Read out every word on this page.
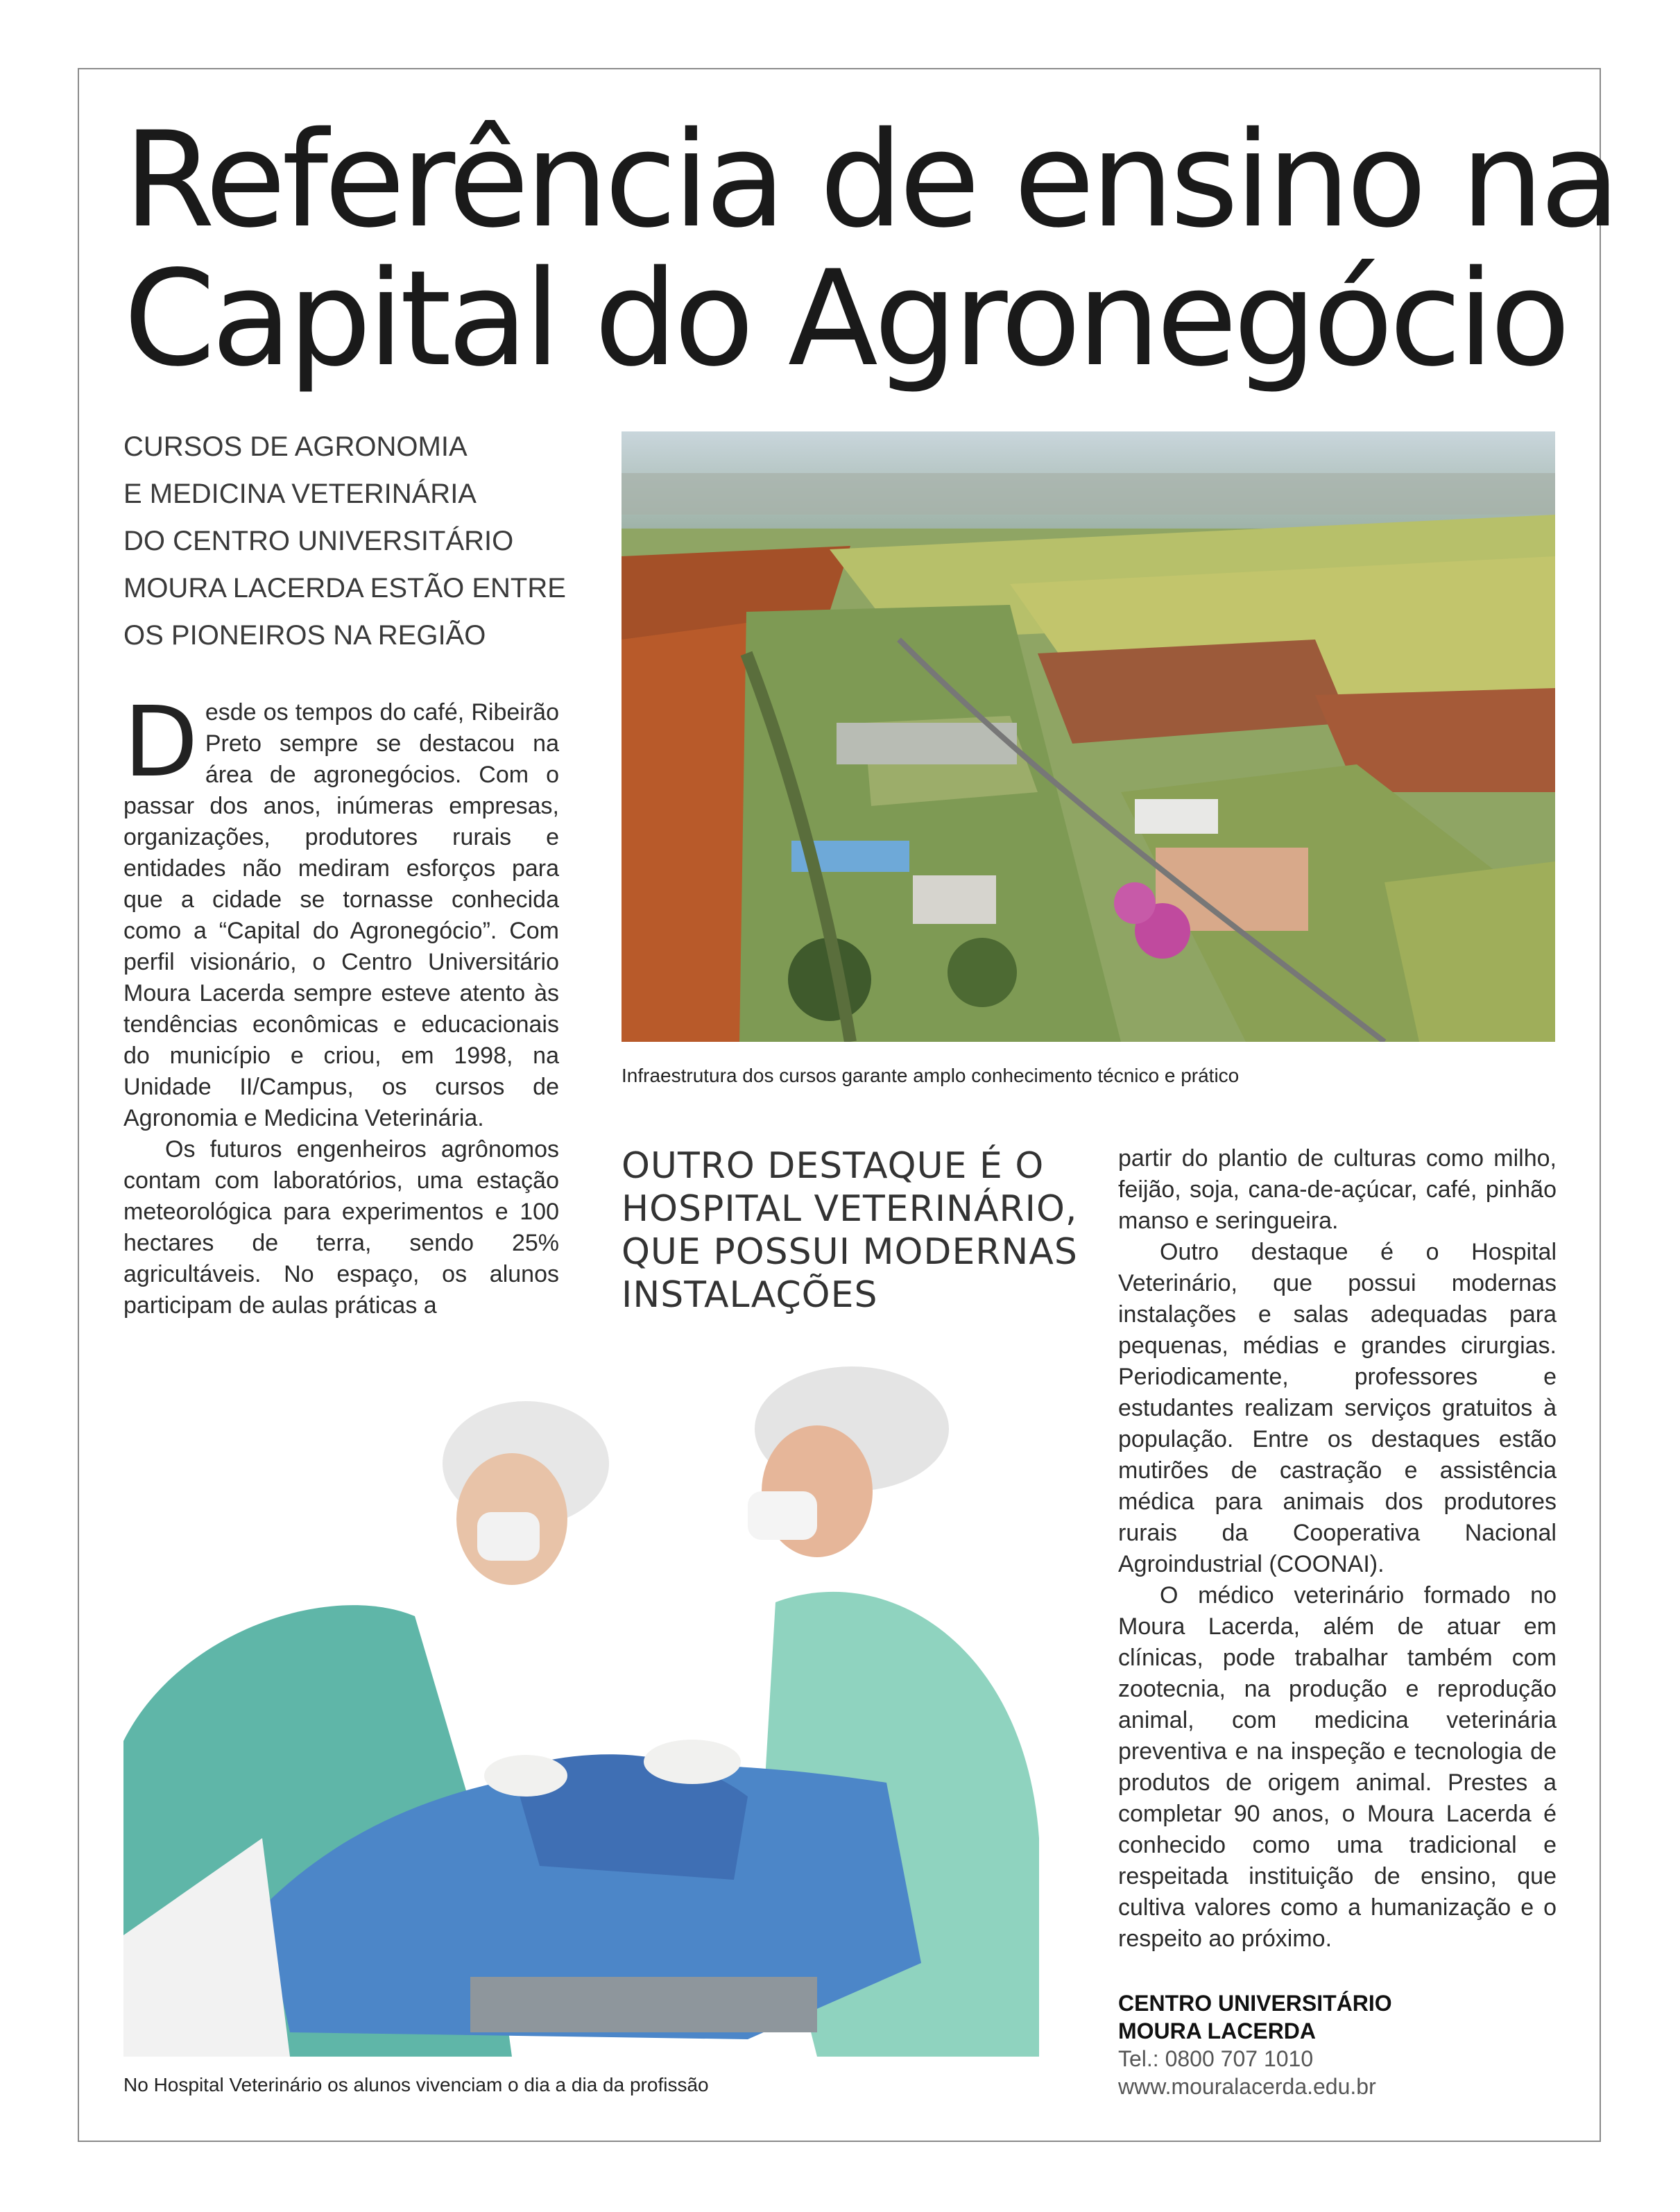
Referência de ensino na
Capital do Agronegócio
CURSOS DE AGRONOMIA
E MEDICINA VETERINÁRIA
DO CENTRO UNIVERSITÁRIO
MOURA LACERDA ESTÃO ENTRE
OS PIONEIROS NA REGIÃO

Desde os tempos do café, Ribeirão Preto sempre se destacou na área de agronegócios. Com o passar dos anos, inúmeras empresas, organizações, produtores rurais e entidades não mediram esforços para que a cidade se tornasse conhecida como a “Capital do Agronegócio”. Com perfil visionário, o Centro Universitário Moura Lacerda sempre esteve atento às tendências econômicas e educacionais do município e criou, em 1998, na Unidade II/Campus, os cursos de Agronomia e Medicina Veterinária.

Os futuros engenheiros agrônomos contam com laboratórios, uma estação meteorológica para experimentos e 100 hectares de terra, sendo 25% agricultáveis. No espaço, os alunos participam de aulas práticas a

Infraestrutura dos cursos garante amplo conhecimento técnico e prático
OUTRO DESTAQUE É O
HOSPITAL VETERINÁRIO,
QUE POSSUI MODERNAS
INSTALAÇÕES

partir do plantio de culturas como milho, feijão, soja, cana-de-açúcar, café, pinhão manso e seringueira.

Outro destaque é o Hospital Veterinário, que possui modernas instalações e salas adequadas para pequenas, médias e grandes cirurgias. Periodicamente, professores e estudantes realizam serviços gratuitos à população. Entre os destaques estão mutirões de castração e assistência médica para animais dos produtores rurais da Cooperativa Nacional Agroindustrial (COONAI).

O médico veterinário formado no Moura Lacerda, além de atuar em clínicas, pode trabalhar também com zootecnia, na produção e reprodução animal, com medicina veterinária preventiva e na inspeção e tecnologia de produtos de origem animal. Prestes a completar 90 anos, o Moura Lacerda é conhecido como uma tradicional e respeitada instituição de ensino, que cultiva valores como a humanização e o respeito ao próximo.

No Hospital Veterinário os alunos vivenciam o dia a dia da profissão
CENTRO UNIVERSITÁRIO
MOURA LACERDA
Tel.: 0800 707 1010
www.mouralacerda.edu.br
